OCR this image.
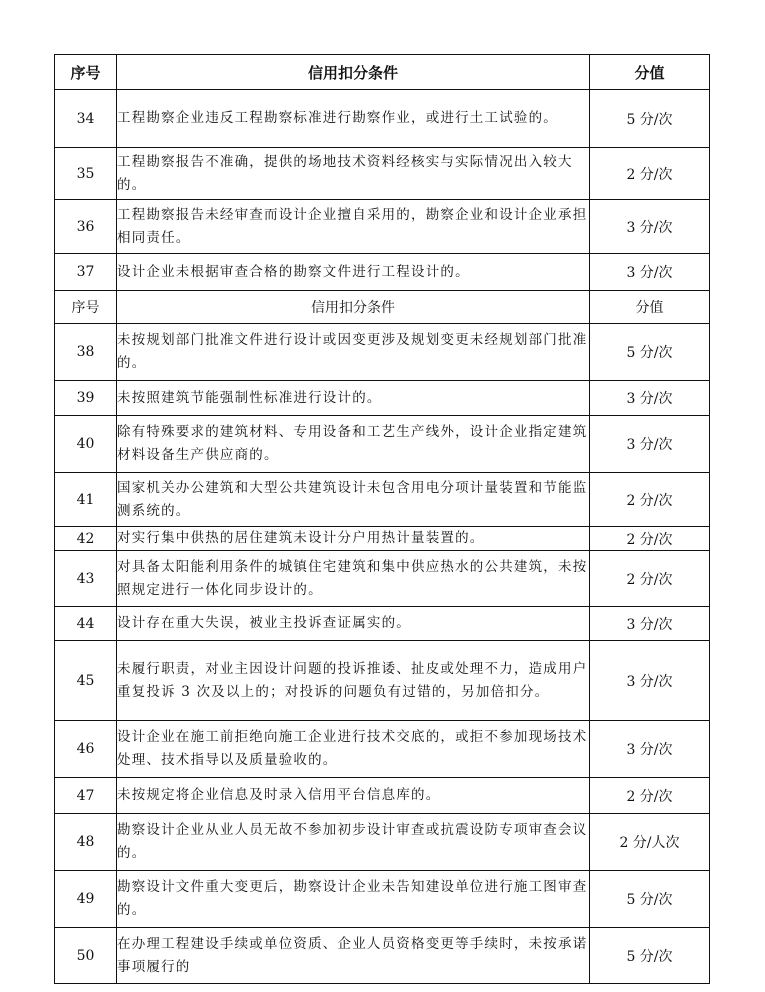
序号	信用扣分条件	分值
34	工程勘察企业违反工程勘察标准进行勘察作业，或进行土工试验的。	5 分/次
35	工程勘察报告不准确，提供的场地技术资料经核实与实际情况出入较大的。	2 分/次
36	工程勘察报告未经审查而设计企业擅自采用的，勘察企业和设计企业承担相同责任。	3 分/次
37	设计企业未根据审查合格的勘察文件进行工程设计的。	3 分/次
序号	信用扣分条件	分值
38	未按规划部门批准文件进行设计或因变更涉及规划变更未经规划部门批准的。	5 分/次
39	未按照建筑节能强制性标准进行设计的。	3 分/次
40	除有特殊要求的建筑材料、专用设备和工艺生产线外，设计企业指定建筑材料设备生产供应商的。	3 分/次
41	国家机关办公建筑和大型公共建筑设计未包含用电分项计量装置和节能监测系统的。	2 分/次
42	对实行集中供热的居住建筑未设计分户用热计量装置的。	2 分/次
43	对具备太阳能利用条件的城镇住宅建筑和集中供应热水的公共建筑，未按照规定进行一体化同步设计的。	2 分/次
44	设计存在重大失误，被业主投诉查证属实的。	3 分/次
45	未履行职责，对业主因设计问题的投诉推诿、扯皮或处理不力，造成用户重复投诉 3 次及以上的；对投诉的问题负有过错的，另加倍扣分。	3 分/次
46	设计企业在施工前拒绝向施工企业进行技术交底的，或拒不参加现场技术处理、技术指导以及质量验收的。	3 分/次
47	未按规定将企业信息及时录入信用平台信息库的。	2 分/次
48	勘察设计企业从业人员无故不参加初步设计审查或抗震设防专项审查会议的。	2 分/人次
49	勘察设计文件重大变更后，勘察设计企业未告知建设单位进行施工图审查的。	5 分/次
50	在办理工程建设手续或单位资质、企业人员资格变更等手续时，未按承诺事项履行的	5 分/次
